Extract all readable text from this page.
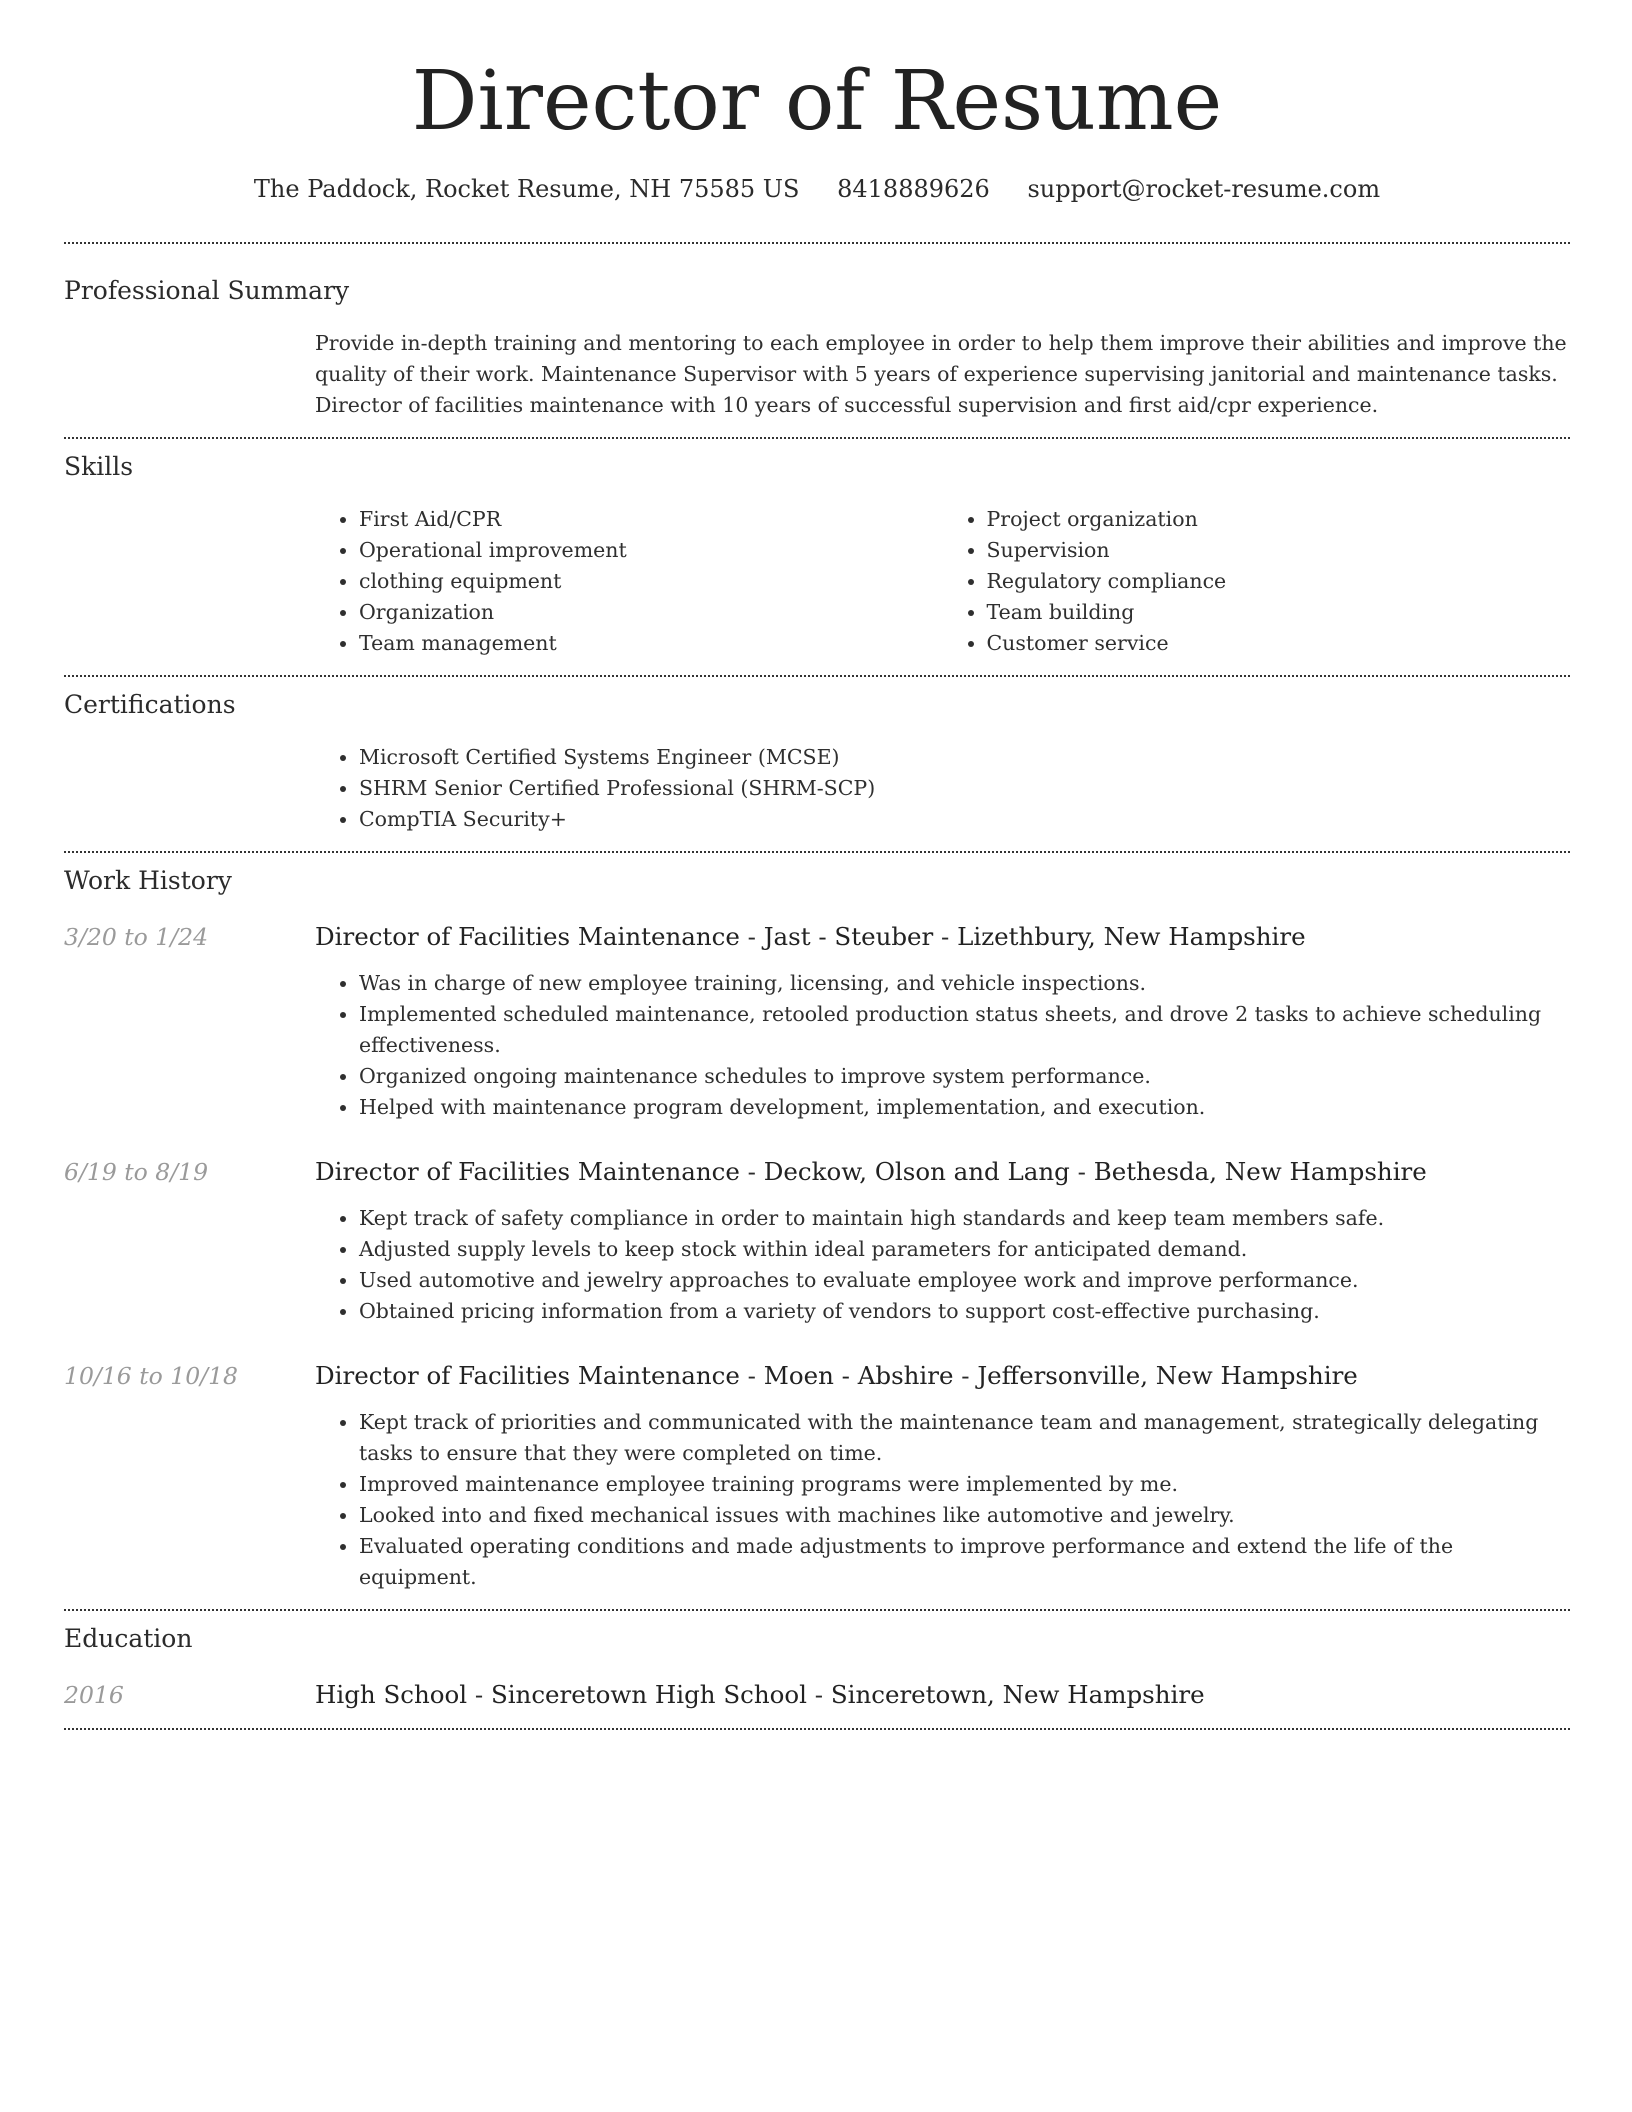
Director of Resume
The Paddock, Rocket Resume, NH 75585 US 8418889626 support@rocket-resume.com
Professional Summary
Provide in-depth training and mentoring to each employee in order to help them improve their abilities and improve the quality of their work. Maintenance Supervisor with 5 years of experience supervising janitorial and maintenance tasks. Director of facilities maintenance with 10 years of successful supervision and first aid/cpr experience.
Skills
• First Aid/CPR
• Operational improvement
• clothing equipment
• Organization
• Team management
• Project organization
• Supervision
• Regulatory compliance
• Team building
• Customer service
Certifications
• Microsoft Certified Systems Engineer (MCSE)
• SHRM Senior Certified Professional (SHRM-SCP)
• CompTIA Security+
Work History
3/20 to 1/24	Director of Facilities Maintenance - Jast - Steuber - Lizethbury, New Hampshire
• Was in charge of new employee training, licensing, and vehicle inspections.
• Implemented scheduled maintenance, retooled production status sheets, and drove 2 tasks to achieve scheduling effectiveness.
• Organized ongoing maintenance schedules to improve system performance.
• Helped with maintenance program development, implementation, and execution.
6/19 to 8/19	Director of Facilities Maintenance - Deckow, Olson and Lang - Bethesda, New Hampshire
• Kept track of safety compliance in order to maintain high standards and keep team members safe.
• Adjusted supply levels to keep stock within ideal parameters for anticipated demand.
• Used automotive and jewelry approaches to evaluate employee work and improve performance.
• Obtained pricing information from a variety of vendors to support cost-effective purchasing.
10/16 to 10/18	Director of Facilities Maintenance - Moen - Abshire - Jeffersonville, New Hampshire
• Kept track of priorities and communicated with the maintenance team and management, strategically delegating tasks to ensure that they were completed on time.
• Improved maintenance employee training programs were implemented by me.
• Looked into and fixed mechanical issues with machines like automotive and jewelry.
• Evaluated operating conditions and made adjustments to improve performance and extend the life of the equipment.
Education
2016	High School - Sinceretown High School - Sinceretown, New Hampshire
